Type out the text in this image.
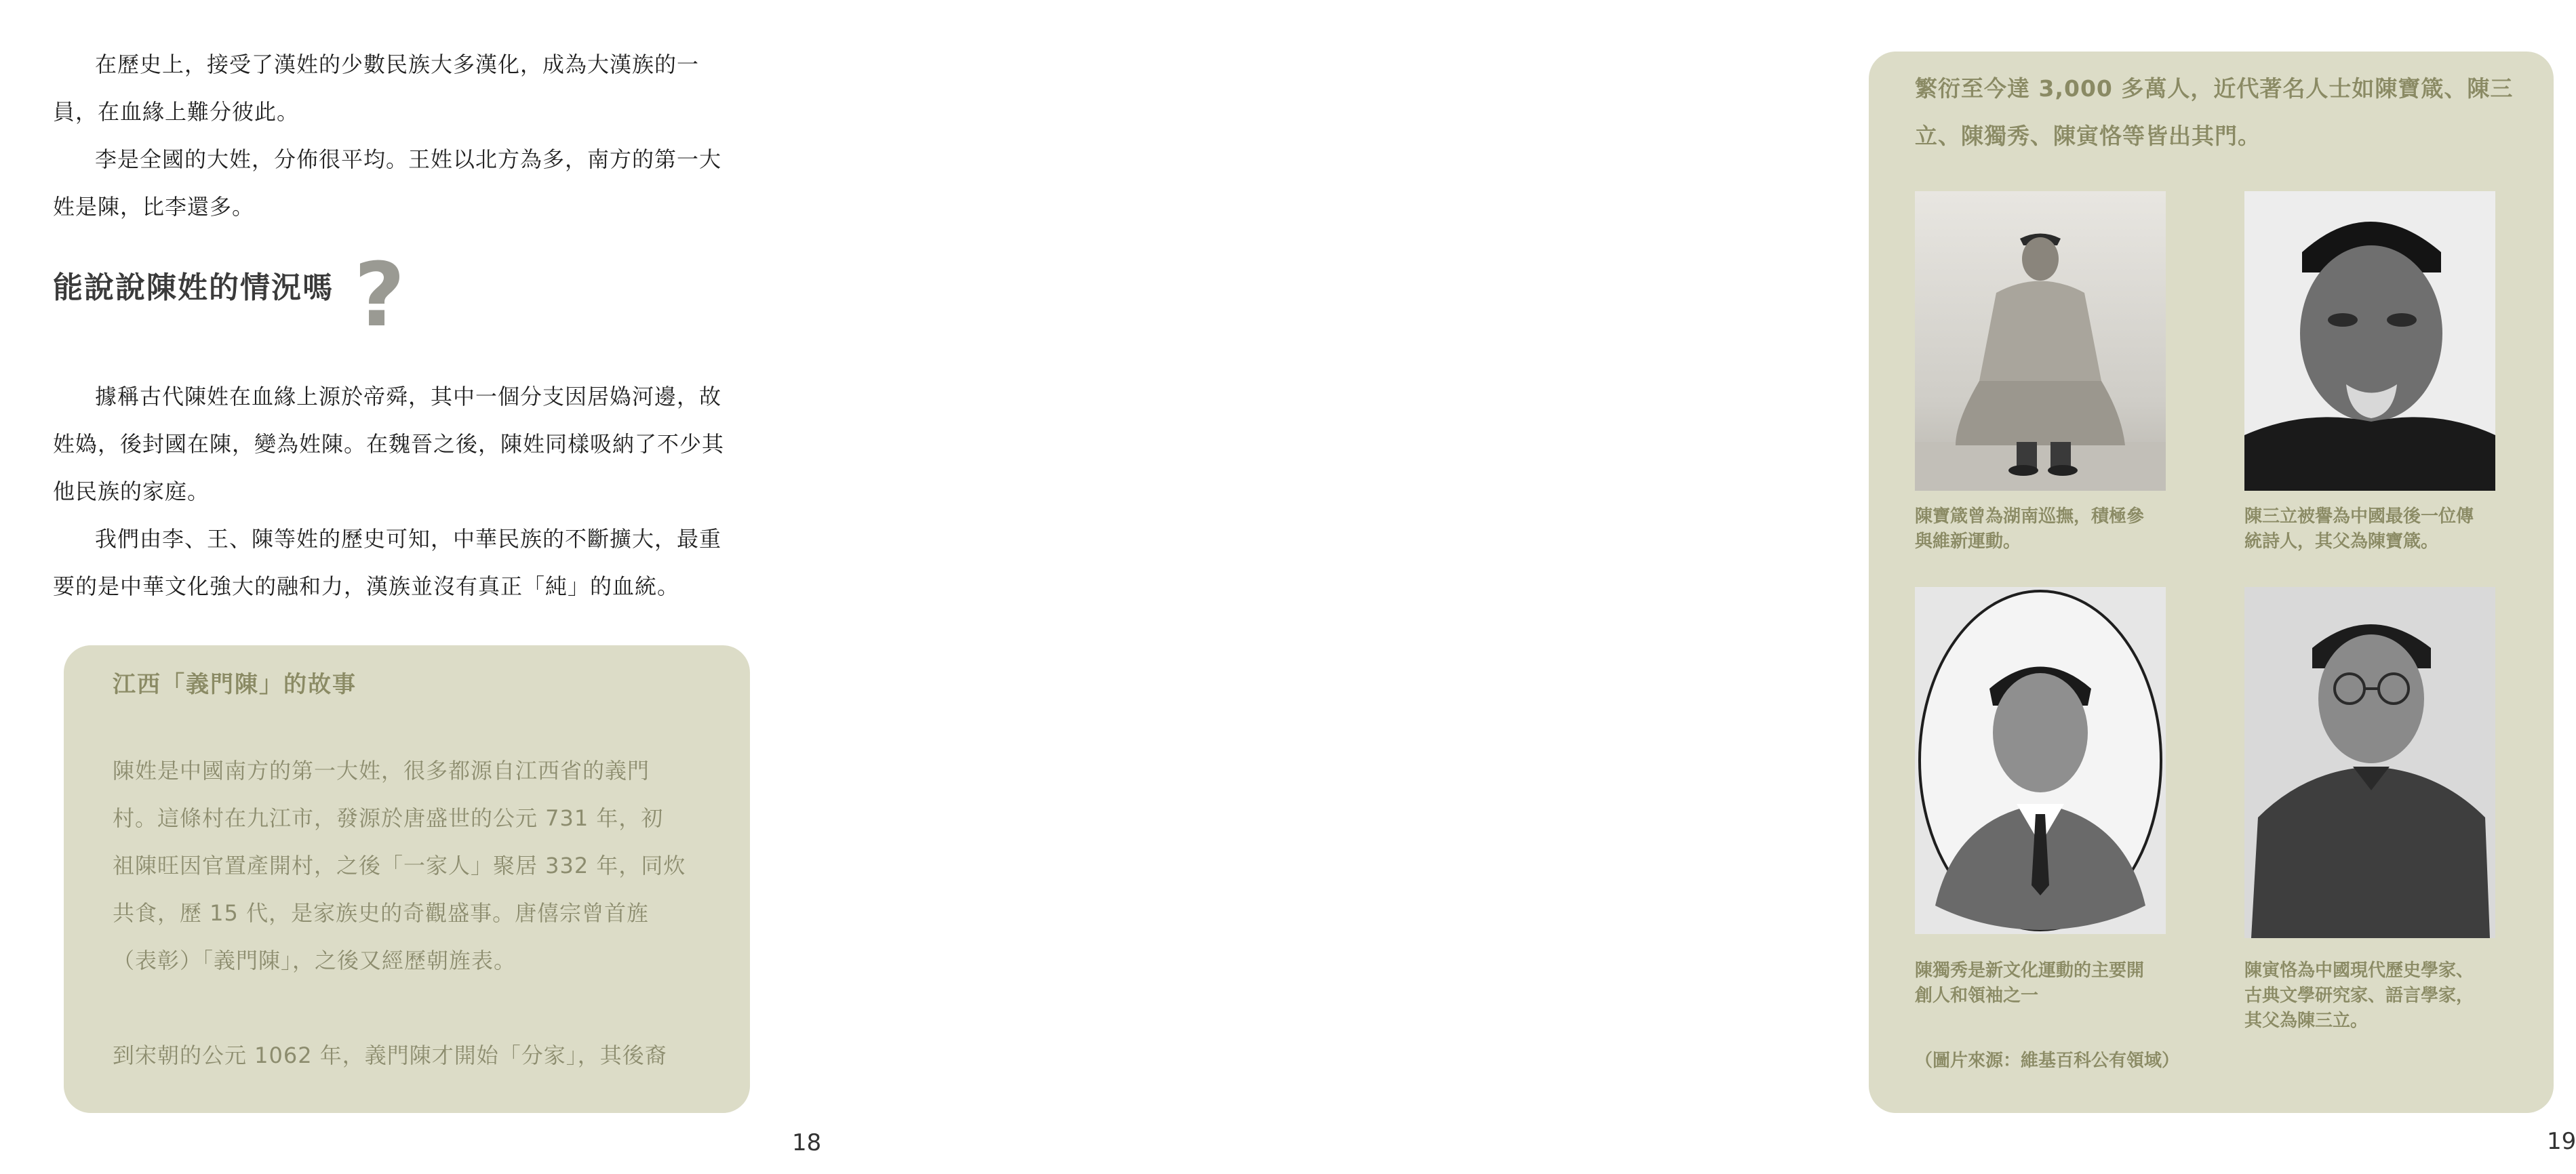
在歷史上，接受了漢姓的少數民族大多漢化，成為大漢族的一
員，在血緣上難分彼此。

李是全國的大姓，分佈很平均。王姓以北方為多，南方的第一大
姓是陳，比李還多。

能說說陳姓的情況嗎 ?

據稱古代陳姓在血緣上源於帝舜，其中一個分支因居媯河邊，故
姓媯，後封國在陳，變為姓陳。在魏晉之後，陳姓同樣吸納了不少其
他民族的家庭。

我們由李、王、陳等姓的歷史可知，中華民族的不斷擴大，最重
要的是中華文化強大的融和力，漢族並沒有真正「純」的血統。

江西「義門陳」的故事

陳姓是中國南方的第一大姓，很多都源自江西省的義門
村。這條村在九江市，發源於唐盛世的公元 731 年，初
祖陳旺因官置產開村，之後「一家人」聚居 332 年，同炊
共食，歷 15 代，是家族史的奇觀盛事。唐僖宗曾首旌
（表彰）「義門陳」，之後又經歷朝旌表。

到宋朝的公元 1062 年，義門陳才開始「分家」，其後裔

18

繁衍至今達 3,000 多萬人，近代著名人士如陳寶箴、陳三
立、陳獨秀、陳寅恪等皆出其門。

陳寶箴曾為湖南巡撫，積極參
與維新運動。

陳三立被譽為中國最後一位傳
統詩人，其父為陳寶箴。

陳獨秀是新文化運動的主要開
創人和領袖之一

陳寅恪為中國現代歷史學家、
古典文學研究家、語言學家，
其父為陳三立。

（圖片來源：維基百科公有領域）

19
